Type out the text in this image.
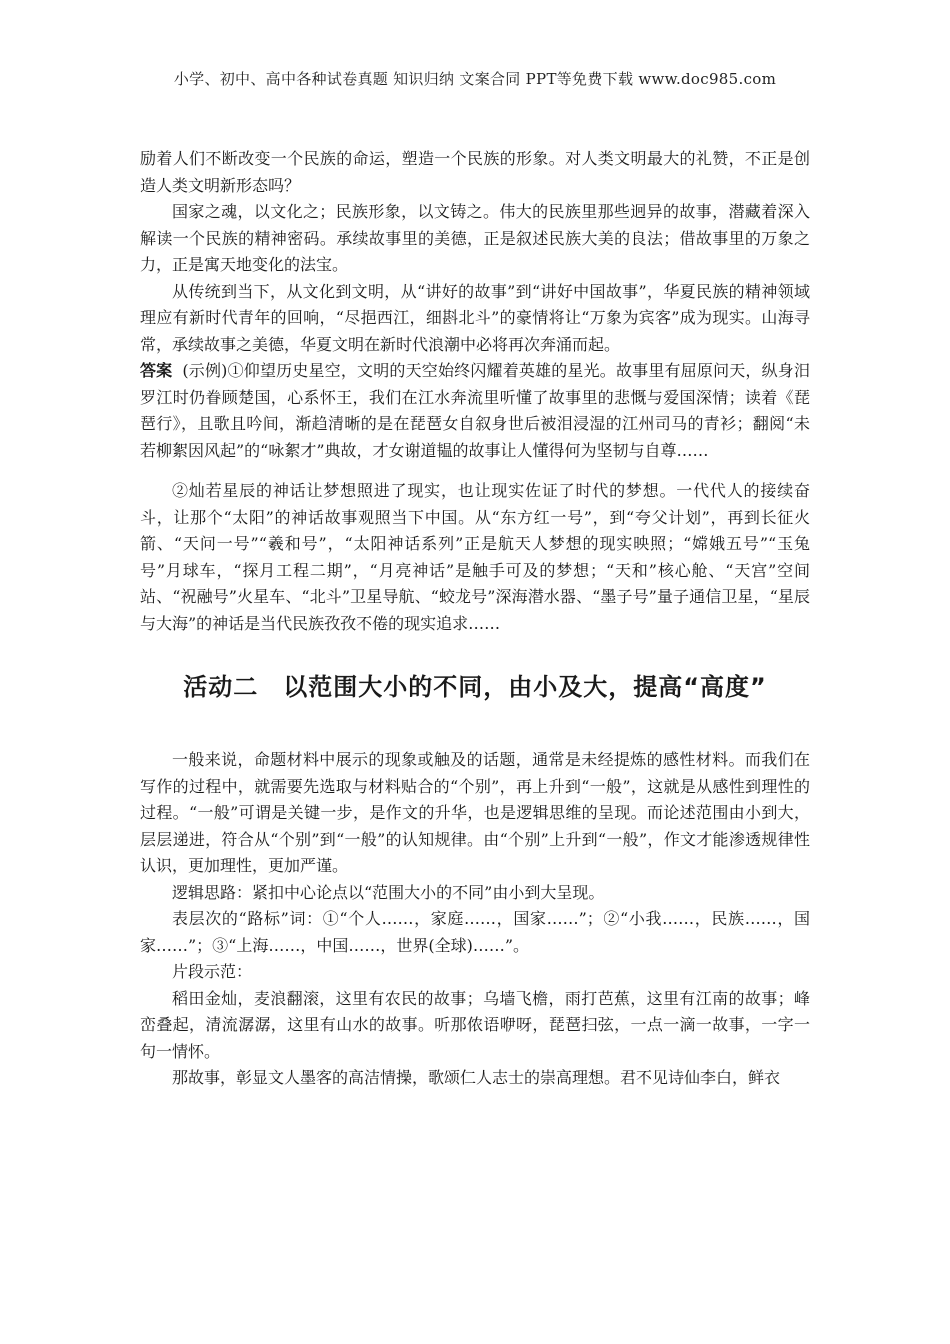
小学、初中、高中各种试卷真题 知识归纳 文案合同 PPT等免费下载 www.doc985.com

励着人们不断改变一个民族的命运，塑造一个民族的形象。对人类文明最大的礼赞，不正是创造人类文明新形态吗？

国家之魂，以文化之；民族形象，以文铸之。伟大的民族里那些迥异的故事，潜藏着深入解读一个民族的精神密码。承续故事里的美德，正是叙述民族大美的良法；借故事里的万象之力，正是寓天地变化的法宝。

从传统到当下，从文化到文明，从“讲好的故事”到“讲好中国故事”，华夏民族的精神领域理应有新时代青年的回响，“尽挹西江，细斟北斗”的豪情将让“万象为宾客”成为现实。山海寻常，承续故事之美德，华夏文明在新时代浪潮中必将再次奔涌而起。

答案 (示例)①仰望历史星空，文明的天空始终闪耀着英雄的星光。故事里有屈原问天，纵身汨罗江时仍眷顾楚国，心系怀王，我们在江水奔流里听懂了故事里的悲慨与爱国深情；读着《琵琶行》，且歌且吟间，渐趋清晰的是在琵琶女自叙身世后被泪浸湿的江州司马的青衫；翻阅“未若柳絮因风起”的“咏絮才”典故，才女谢道韫的故事让人懂得何为坚韧与自尊……

②灿若星辰的神话让梦想照进了现实，也让现实佐证了时代的梦想。一代代人的接续奋斗，让那个“太阳”的神话故事观照当下中国。从“东方红一号”，到“夸父计划”，再到长征火箭、“天问一号”“羲和号”，“太阳神话系列”正是航天人梦想的现实映照；“嫦娥五号”“玉兔号”月球车，“探月工程二期”，“月亮神话”是触手可及的梦想；“天和”核心舱、“天宫”空间站、“祝融号”火星车、“北斗”卫星导航、“蛟龙号”深海潜水器、“墨子号”量子通信卫星，“星辰与大海”的神话是当代民族孜孜不倦的现实追求……

活动二　以范围大小的不同，由小及大，提高“高度”

一般来说，命题材料中展示的现象或触及的话题，通常是未经提炼的感性材料。而我们在写作的过程中，就需要先选取与材料贴合的“个别”，再上升到“一般”，这就是从感性到理性的过程。“一般”可谓是关键一步，是作文的升华，也是逻辑思维的呈现。而论述范围由小到大，层层递进，符合从“个别”到“一般”的认知规律。由“个别”上升到“一般”，作文才能渗透规律性认识，更加理性，更加严谨。

逻辑思路：紧扣中心论点以“范围大小的不同”由小到大呈现。

表层次的“路标”词：①“个人……，家庭……，国家……”；②“小我……，民族……，国家……”；③“上海……，中国……，世界(全球)……”。

片段示范：

稻田金灿，麦浪翻滚，这里有农民的故事；乌墙飞檐，雨打芭蕉，这里有江南的故事；峰峦叠起，清流潺潺，这里有山水的故事。听那侬语咿呀，琵琶扫弦，一点一滴一故事，一字一句一情怀。

那故事，彰显文人墨客的高洁情操，歌颂仁人志士的崇高理想。君不见诗仙李白，鲜衣
